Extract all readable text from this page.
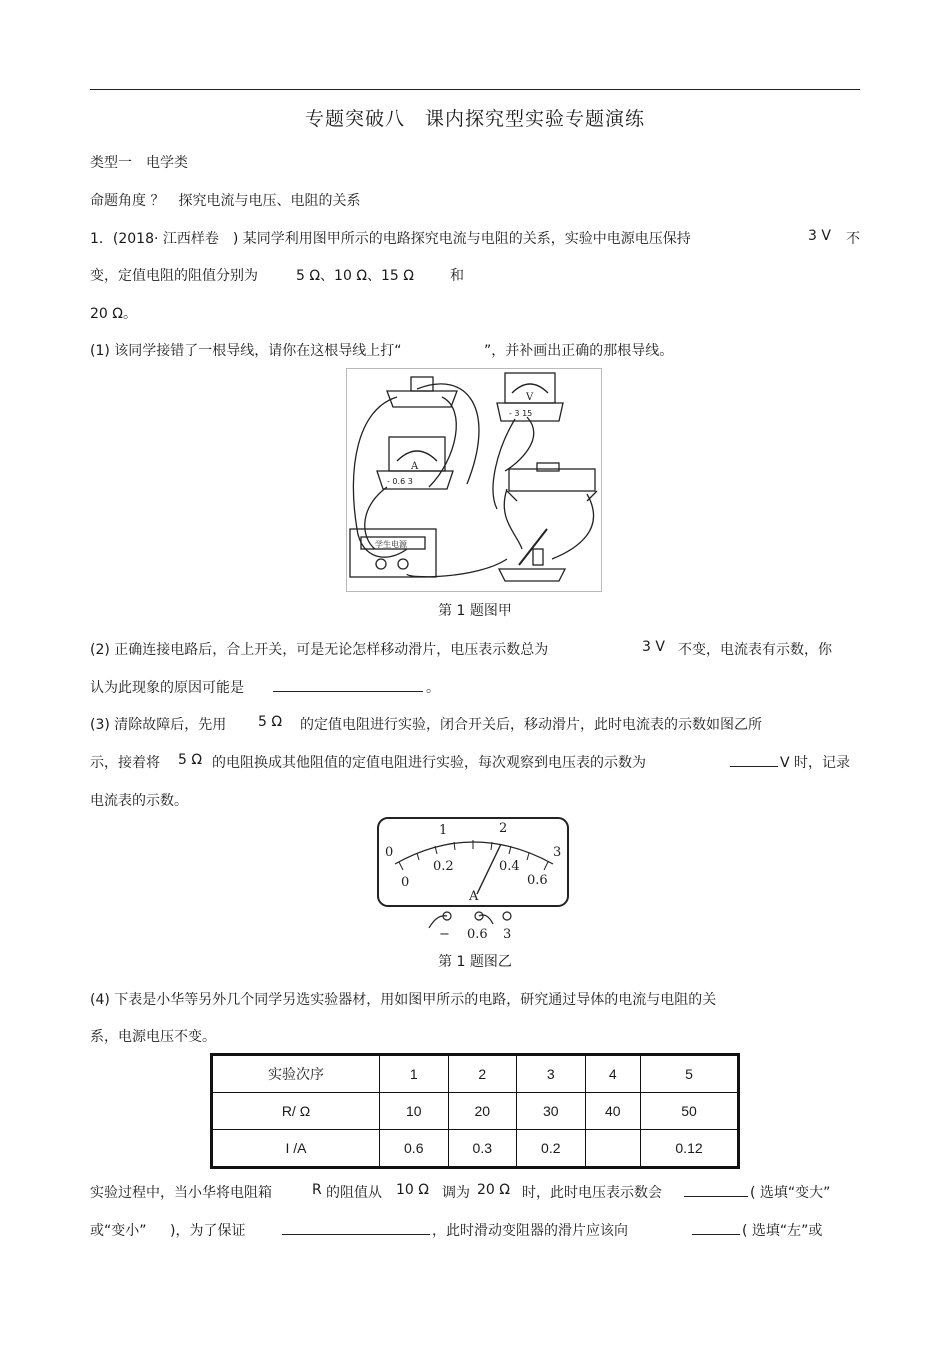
专题突破八　课内探究型实验专题演练
类型一　电学类
命题角度 ？　探究电流与电压、电阻的关系
1．(2018· 江西样卷　) 某同学利用图甲所示的电路探究电流与电阻的关系，实验中电源电压保持	3 V 不
变，定值电阻的阻值分别为	5 Ω、10 Ω、15 Ω	和
20 Ω。
(1) 该同学接错了一根导线，请你在这根导线上打“	”，并补画出正确的那根导线。
学生电源
V
A
- 3 15
- 0.6 3
第 1 题图甲
(2) 正确连接电路后，合上开关，可是无论怎样移动滑片，电压表示数总为	3 V 不变，电流表有示数，你
认为此现象的原因可能是	。
(3) 清除故障后，先用 5 Ω 的定值电阻进行实验，闭合开关后，移动滑片，此时电流表的示数如图乙所
示，接着将 5 Ω 的电阻换成其他阻值的定值电阻进行实验，每次观察到电压表的示数为	V 时，记录
电流表的示数。
0
1	2
3
0
0.2	0.4
0.6
A
− 0.6 3
第 1 题图乙
(4) 下表是小华等另外几个同学另选实验器材，用如图甲所示的电路，研究通过导体的电流与电阻的关
系，电源电压不变。
实验次序	1	2	3	4	5
R/ Ω	10	20	30	40	50
I /A	0.6	0.3	0.2		0.12
实验过程中，当小华将电阻箱	R 的阻值从 10 Ω 调为 20 Ω 时，此时电压表示数会	( 选填“变大”
或“变小” )，为了保证	，此时滑动变阻器的滑片应该向	( 选填“左”或
